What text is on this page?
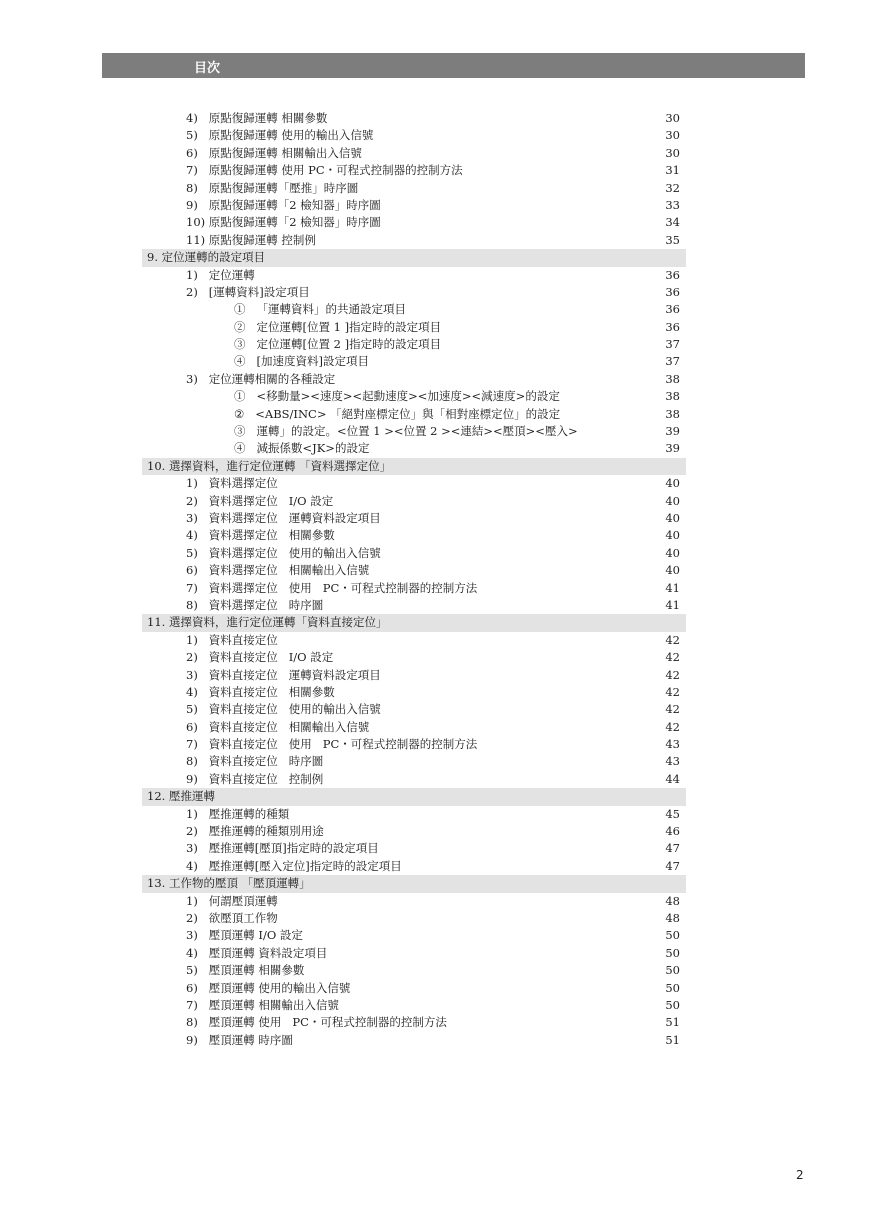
目次
4)   原點復歸運轉 相關參數	30
5)   原點復歸運轉 使用的輸出入信號	30
6)   原點復歸運轉 相關輸出入信號	30
7)   原點復歸運轉 使用 PC・可程式控制器的控制方法	31
8)   原點復歸運轉「壓推」時序圖	32
9)   原點復歸運轉「2 檢知器」時序圖	33
10) 原點復歸運轉「2 檢知器」時序圖	34
11) 原點復歸運轉 控制例	35
9. 定位運轉的設定項目
1)   定位運轉	36
2)   [運轉資料]設定項目	36
①   「運轉資料」的共通設定項目	36
②   定位運轉[位置 1 ]指定時的設定項目	36
③   定位運轉[位置 2 ]指定時的設定項目	37
④   [加速度資料]設定項目	37
3)   定位運轉相關的各種設定	38
①   <移動量><速度><起動速度><加速度><減速度>的設定	38
②   <ABS/INC> 「絕對座標定位」與「相對座標定位」的設定	38
③   運轉」的設定。<位置 1 ><位置 2 ><連結><壓頂><壓入>	39
④   減振係數<JK>的設定	39
10. 選擇資料，進行定位運轉 「資料選擇定位」
1)   資料選擇定位	40
2)   資料選擇定位   I/O 設定	40
3)   資料選擇定位   運轉資料設定項目	40
4)   資料選擇定位   相關參數	40
5)   資料選擇定位   使用的輸出入信號	40
6)   資料選擇定位   相關輸出入信號	40
7)   資料選擇定位   使用   PC・可程式控制器的控制方法	41
8)   資料選擇定位   時序圖	41
11. 選擇資料，進行定位運轉「資料直接定位」
1)   資料直接定位	42
2)   資料直接定位   I/O 設定	42
3)   資料直接定位   運轉資料設定項目	42
4)   資料直接定位   相關參數	42
5)   資料直接定位   使用的輸出入信號	42
6)   資料直接定位   相關輸出入信號	42
7)   資料直接定位   使用   PC・可程式控制器的控制方法	43
8)   資料直接定位   時序圖	43
9)   資料直接定位   控制例	44
12. 壓推運轉
1)   壓推運轉的種類	45
2)   壓推運轉的種類別用途	46
3)   壓推運轉[壓頂]指定時的設定項目	47
4)   壓推運轉[壓入定位]指定時的設定項目	47
13. 工作物的壓頂 「壓頂運轉」
1)   何謂壓頂運轉	48
2)   欲壓頂工作物	48
3)   壓頂運轉 I/O 設定	50
4)   壓頂運轉 資料設定項目	50
5)   壓頂運轉 相關參數	50
6)   壓頂運轉 使用的輸出入信號	50
7)   壓頂運轉 相關輸出入信號	50
8)   壓頂運轉 使用   PC・可程式控制器的控制方法	51
9)   壓頂運轉 時序圖	51
2
